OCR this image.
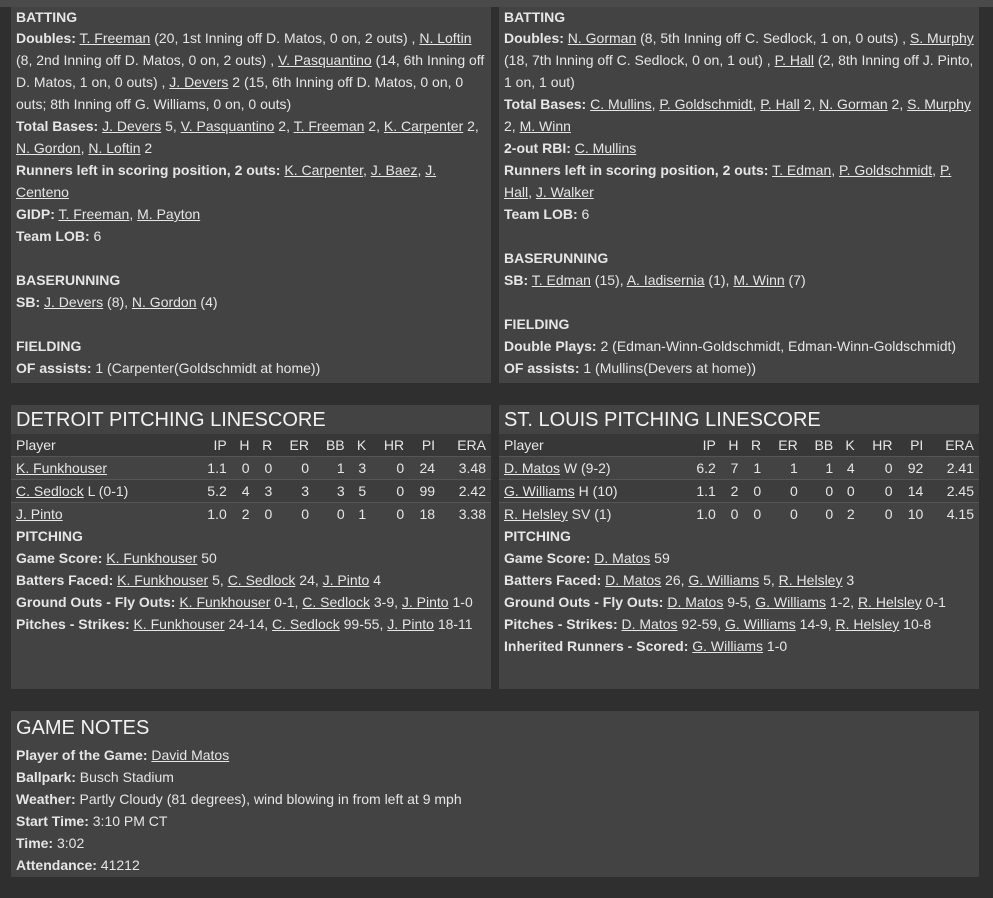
BATTING
Doubles: T. Freeman (20, 1st Inning off D. Matos, 0 on, 2 outs) , N. Loftin (8, 2nd Inning off D. Matos, 0 on, 2 outs) , V. Pasquantino (14, 6th Inning off D. Matos, 1 on, 0 outs) , J. Devers 2 (15, 6th Inning off D. Matos, 0 on, 0 outs; 8th Inning off G. Williams, 0 on, 0 outs)
Total Bases: J. Devers 5, V. Pasquantino 2, T. Freeman 2, K. Carpenter 2, N. Gordon, N. Loftin 2
Runners left in scoring position, 2 outs: K. Carpenter, J. Baez, J. Centeno
GIDP: T. Freeman, M. Payton
Team LOB: 6
BASERUNNING
SB: J. Devers (8), N. Gordon (4)
FIELDING
OF assists: 1 (Carpenter(Goldschmidt at home))
BATTING
Doubles: N. Gorman (8, 5th Inning off C. Sedlock, 1 on, 0 outs) , S. Murphy (18, 7th Inning off C. Sedlock, 0 on, 1 out) , P. Hall (2, 8th Inning off J. Pinto, 1 on, 1 out)
Total Bases: C. Mullins, P. Goldschmidt, P. Hall 2, N. Gorman 2, S. Murphy 2, M. Winn
2-out RBI: C. Mullins
Runners left in scoring position, 2 outs: T. Edman, P. Goldschmidt, P. Hall, J. Walker
Team LOB: 6
BASERUNNING
SB: T. Edman (15), A. Iadisernia (1), M. Winn (7)
FIELDING
Double Plays: 2 (Edman-Winn-Goldschmidt, Edman-Winn-Goldschmidt)
OF assists: 1 (Mullins(Devers at home))
DETROIT PITCHING LINESCORE
Player	IP	H	R	ER	BB	K	HR	PI	ERA
K. Funkhouser	1.1	0	0	0	1	3	0	24	3.48
C. Sedlock L (0-1)	5.2	4	3	3	3	5	0	99	2.42
J. Pinto	1.0	2	0	0	0	1	0	18	3.38
PITCHING
Game Score: K. Funkhouser 50
Batters Faced: K. Funkhouser 5, C. Sedlock 24, J. Pinto 4
Ground Outs - Fly Outs: K. Funkhouser 0-1, C. Sedlock 3-9, J. Pinto 1-0
Pitches - Strikes: K. Funkhouser 24-14, C. Sedlock 99-55, J. Pinto 18-11
ST. LOUIS PITCHING LINESCORE
Player	IP	H	R	ER	BB	K	HR	PI	ERA
D. Matos W (9-2)	6.2	7	1	1	1	4	0	92	2.41
G. Williams H (10)	1.1	2	0	0	0	0	0	14	2.45
R. Helsley SV (1)	1.0	0	0	0	0	2	0	10	4.15
PITCHING
Game Score: D. Matos 59
Batters Faced: D. Matos 26, G. Williams 5, R. Helsley 3
Ground Outs - Fly Outs: D. Matos 9-5, G. Williams 1-2, R. Helsley 0-1
Pitches - Strikes: D. Matos 92-59, G. Williams 14-9, R. Helsley 10-8
Inherited Runners - Scored: G. Williams 1-0
GAME NOTES
Player of the Game: David Matos
Ballpark: Busch Stadium
Weather: Partly Cloudy (81 degrees), wind blowing in from left at 9 mph
Start Time: 3:10 PM CT
Time: 3:02
Attendance: 41212
